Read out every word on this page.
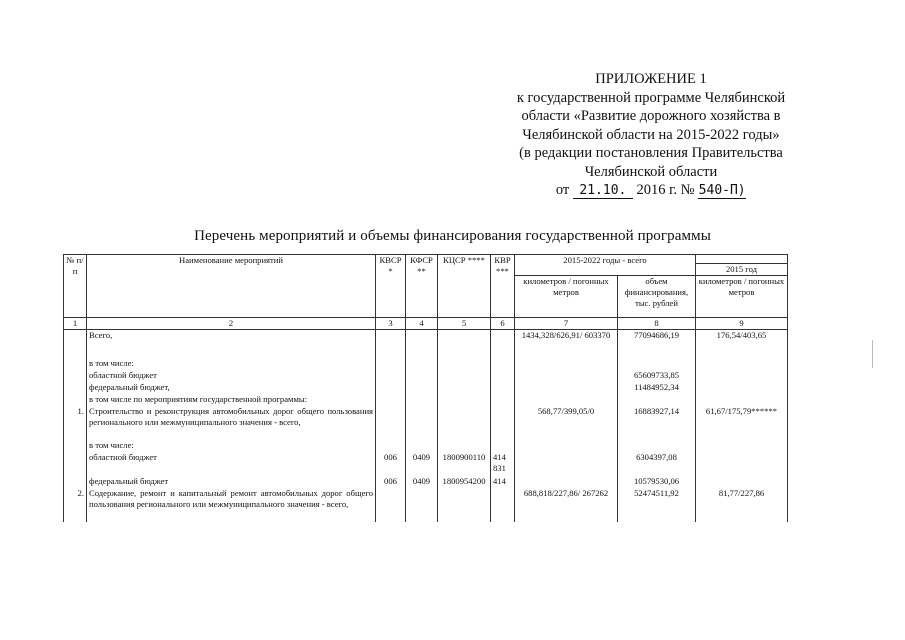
ПРИЛОЖЕНИЕ 1
к государственной программе Челябинской
области «Развитие дорожного хозяйства в
Челябинской области на 2015-2022 годы»
(в редакции постановления Правительства
Челябинской области
от 21.10. 2016 г. № 540-П)
Перечень мероприятий и объемы финансирования государственной программы
№ п/п	Наименование мероприятий	КВСР *	КФСР **	КЦСР ****	КВР ***	2015-2022 годы - всего		
								2015 год
						километров / погонных метров	объем финансирования, тыс. рублей	километров / погонных метров
1	2	3	4	5	6	7	8	9
	Всего,					1434,328/626,91/ 603370	77094686,19	176,54/403,65
	в том числе:							
	областной бюджет						65609733,85	
	федеральный бюджет,						11484952,34	
	в том числе по мероприятиям государственной программы:							
1.	Строительство и реконструкция автомобильных дорог общего пользования регионального или межмуниципального значения - всего,					568,77/399,05/0	16883927,14	61,67/175,79******
	в том числе:							
	областной бюджет	006	0409	1800900110	414 831		6304397,08	
	федеральный бюджет	006	0409	1800954200	414		10579530,06	
2.	Содержание, ремонт и капитальный ремонт автомобильных дорог общего пользования регионального или межмуниципального значения - всего,					688,818/227,86/ 267262	52474511,92	81,77/227,86
